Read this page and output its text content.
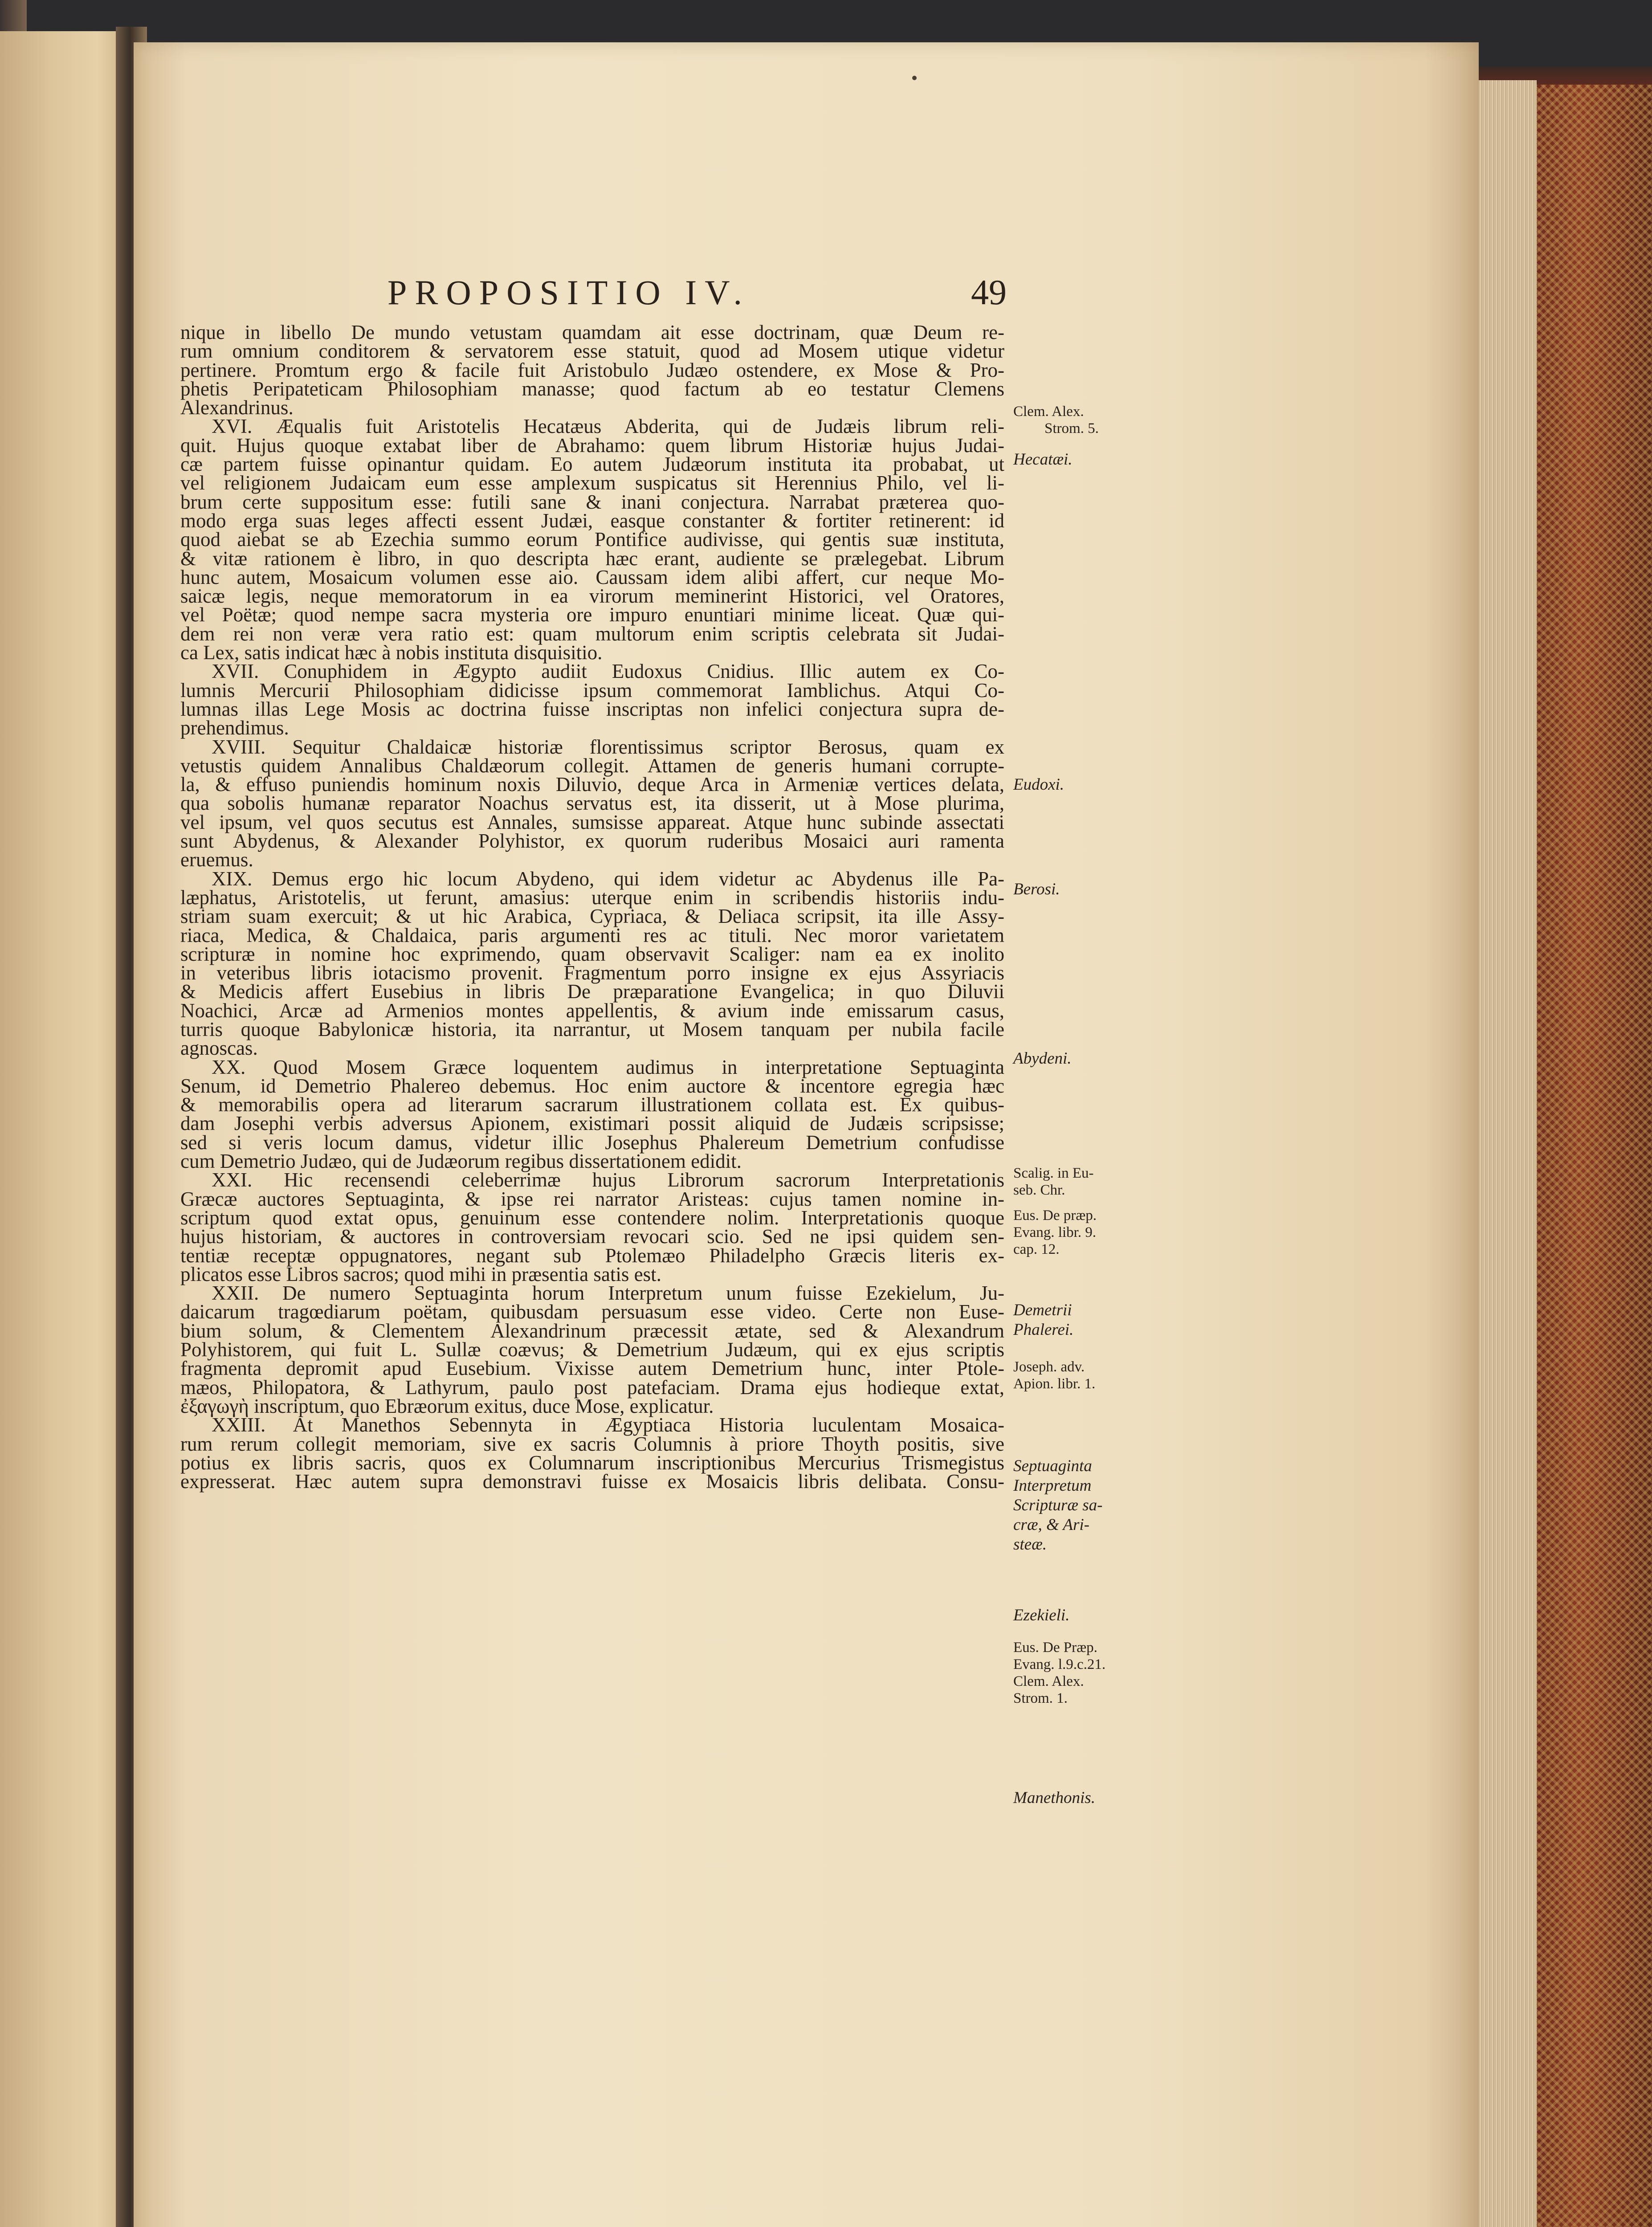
PROPOSITIO IV.	49
nique in libello De mundo vetustam quamdam ait esse doctrinam, quæ Deum re-
rum omnium conditorem & servatorem esse statuit, quod ad Mosem utique videtur
pertinere. Promtum ergo & facile fuit Aristobulo Judæo ostendere, ex Mose & Pro-
phetis Peripateticam Philosophiam manasse; quod factum ab eo testatur Clemens
Alexandrinus.
XVI. Æqualis fuit Aristotelis Hecatæus Abderita, qui de Judæis librum reli-
quit. Hujus quoque extabat liber de Abrahamo: quem librum Historiæ hujus Judai-
cæ partem fuisse opinantur quidam. Eo autem Judæorum instituta ita probabat, ut
vel religionem Judaicam eum esse amplexum suspicatus sit Herennius Philo, vel li-
brum certe suppositum esse: futili sane & inani conjectura. Narrabat præterea quo-
modo erga suas leges affecti essent Judæi, easque constanter & fortiter retinerent: id
quod aiebat se ab Ezechia summo eorum Pontifice audivisse, qui gentis suæ instituta,
& vitæ rationem è libro, in quo descripta hæc erant, audiente se prælegebat. Librum
hunc autem, Mosaicum volumen esse aio. Caussam idem alibi affert, cur neque Mo-
saicæ legis, neque memoratorum in ea virorum meminerint Historici, vel Oratores,
vel Poëtæ; quod nempe sacra mysteria ore impuro enuntiari minime liceat. Quæ qui-
dem rei non veræ vera ratio est: quam multorum enim scriptis celebrata sit Judai-
ca Lex, satis indicat hæc à nobis instituta disquisitio.
XVII. Conuphidem in Ægypto audiit Eudoxus Cnidius. Illic autem ex Co-
lumnis Mercurii Philosophiam didicisse ipsum commemorat Iamblichus. Atqui Co-
lumnas illas Lege Mosis ac doctrina fuisse inscriptas non infelici conjectura supra de-
prehendimus.
XVIII. Sequitur Chaldaicæ historiæ florentissimus scriptor Berosus, quam ex
vetustis quidem Annalibus Chaldæorum collegit. Attamen de generis humani corrupte-
la, & effuso puniendis hominum noxis Diluvio, deque Arca in Armeniæ vertices delata,
qua sobolis humanæ reparator Noachus servatus est, ita disserit, ut à Mose plurima,
vel ipsum, vel quos secutus est Annales, sumsisse appareat. Atque hunc subinde assectati
sunt Abydenus, & Alexander Polyhistor, ex quorum ruderibus Mosaici auri ramenta
eruemus.
XIX. Demus ergo hic locum Abydeno, qui idem videtur ac Abydenus ille Pa-
læphatus, Aristotelis, ut ferunt, amasius: uterque enim in scribendis historiis indu-
striam suam exercuit; & ut hic Arabica, Cypriaca, & Deliaca scripsit, ita ille Assy-
riaca, Medica, & Chaldaica, paris argumenti res ac tituli. Nec moror varietatem
scripturæ in nomine hoc exprimendo, quam observavit Scaliger: nam ea ex inolito
in veteribus libris iotacismo provenit. Fragmentum porro insigne ex ejus Assyriacis
& Medicis affert Eusebius in libris De præparatione Evangelica; in quo Diluvii
Noachici, Arcæ ad Armenios montes appellentis, & avium inde emissarum casus,
turris quoque Babylonicæ historia, ita narrantur, ut Mosem tanquam per nubila facile
agnoscas.
XX. Quod Mosem Græce loquentem audimus in interpretatione Septuaginta
Senum, id Demetrio Phalereo debemus. Hoc enim auctore & incentore egregia hæc
& memorabilis opera ad literarum sacrarum illustrationem collata est. Ex quibus-
dam Josephi verbis adversus Apionem, existimari possit aliquid de Judæis scripsisse;
sed si veris locum damus, videtur illic Josephus Phalereum Demetrium confudisse
cum Demetrio Judæo, qui de Judæorum regibus dissertationem edidit.
XXI. Hic recensendi celeberrimæ hujus Librorum sacrorum Interpretationis
Græcæ auctores Septuaginta, & ipse rei narrator Aristeas: cujus tamen nomine in-
scriptum quod extat opus, genuinum esse contendere nolim. Interpretationis quoque
hujus historiam, & auctores in controversiam revocari scio. Sed ne ipsi quidem sen-
tentiæ receptæ oppugnatores, negant sub Ptolemæo Philadelpho Græcis literis ex-
plicatos esse Libros sacros; quod mihi in præsentia satis est.
XXII. De numero Septuaginta horum Interpretum unum fuisse Ezekielum, Ju-
daicarum tragœdiarum poëtam, quibusdam persuasum esse video. Certe non Euse-
bium solum, & Clementem Alexandrinum præcessit ætate, sed & Alexandrum
Polyhistorem, qui fuit L. Sullæ coævus; & Demetrium Judæum, qui ex ejus scriptis
fragmenta depromit apud Eusebium. Vixisse autem Demetrium hunc, inter Ptole-
mæos, Philopatora, & Lathyrum, paulo post patefaciam. Drama ejus hodieque extat,
ἐξαγωγὴ inscriptum, quo Ebræorum exitus, duce Mose, explicatur.
XXIII. At Manethos Sebennyta in Ægyptiaca Historia luculentam Mosaica-
rum rerum collegit memoriam, sive ex sacris Columnis à priore Thoyth positis, sive
potius ex libris sacris, quos ex Columnarum inscriptionibus Mercurius Trismegistus
expresserat. Hæc autem supra demonstravi fuisse ex Mosaicis libris delibata. Consu-
Clem. Alex.
Strom. 5.
Hecatæi.
Eudoxi.
Berosi.
Abydeni.
Scalig. in Eu-
seb. Chr.
Eus. De præp.
Evang. libr. 9.
cap. 12.
Demetrii
Phalerei.
Joseph. adv.
Apion. libr. 1.
Septuaginta
Interpretum
Scripturæ sa-
cræ, & Ari-
steæ.
Ezekieli.
Eus. De Præp.
Evang. l.9.c.21.
Clem. Alex.
Strom. 1.
Manethonis.
